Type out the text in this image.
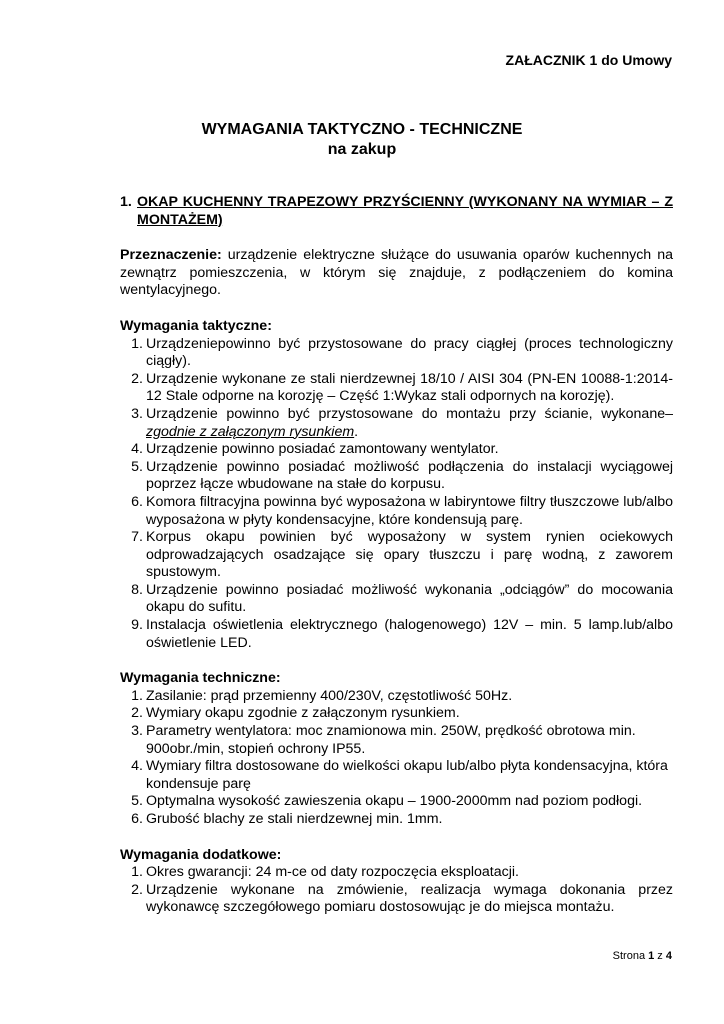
ZAŁACZNIK 1 do Umowy
WYMAGANIA TAKTYCZNO - TECHNICZNE
na zakup
1. OKAP KUCHENNY TRAPEZOWY PRZYŚCIENNY (WYKONANY NA WYMIAR – Z MONTAŻEM)
Przeznaczenie: urządzenie elektryczne służące do usuwania oparów kuchennych na zewnątrz pomieszczenia, w którym się znajduje, z podłączeniem do komina wentylacyjnego.
Wymagania taktyczne:
1. Urządzeniepowinno być przystosowane do pracy ciągłej (proces technologiczny ciągły).
2. Urządzenie wykonane ze stali nierdzewnej 18/10 / AISI 304 (PN-EN 10088-1:2014-12 Stale odporne na korozję – Część 1:Wykaz stali odpornych na korozję).
3. Urządzenie powinno być przystosowane do montażu przy ścianie, wykonane– zgodnie z załączonym rysunkiem.
4. Urządzenie powinno posiadać zamontowany wentylator.
5. Urządzenie powinno posiadać możliwość podłączenia do instalacji wyciągowej poprzez łącze wbudowane na stałe do korpusu.
6. Komora filtracyjna powinna być wyposażona w labiryntowe filtry tłuszczowe lub/albo wyposażona w płyty kondensacyjne, które kondensują parę.
7. Korpus okapu powinien być wyposażony w system rynien ociekowych odprowadzających osadzające się opary tłuszczu i parę wodną, z zaworem spustowym.
8. Urządzenie powinno posiadać możliwość wykonania „odciągów” do mocowania okapu do sufitu.
9. Instalacja oświetlenia elektrycznego (halogenowego) 12V – min. 5 lamp.lub/albo oświetlenie LED.
Wymagania techniczne:
1. Zasilanie: prąd przemienny 400/230V, częstotliwość 50Hz.
2. Wymiary okapu zgodnie z załączonym rysunkiem.
3. Parametry wentylatora: moc znamionowa min. 250W, prędkość obrotowa min. 900obr./min, stopień ochrony IP55.
4. Wymiary filtra dostosowane do wielkości okapu lub/albo płyta kondensacyjna, która kondensuje parę
5. Optymalna wysokość zawieszenia okapu – 1900-2000mm nad poziom podłogi.
6. Grubość blachy ze stali nierdzewnej min. 1mm.
Wymagania dodatkowe:
1. Okres gwarancji: 24 m-ce od daty rozpoczęcia eksploatacji.
2. Urządzenie wykonane na zmówienie, realizacja wymaga dokonania przez wykonawcę szczegółowego pomiaru dostosowując je do miejsca montażu.
Strona 1 z 4
